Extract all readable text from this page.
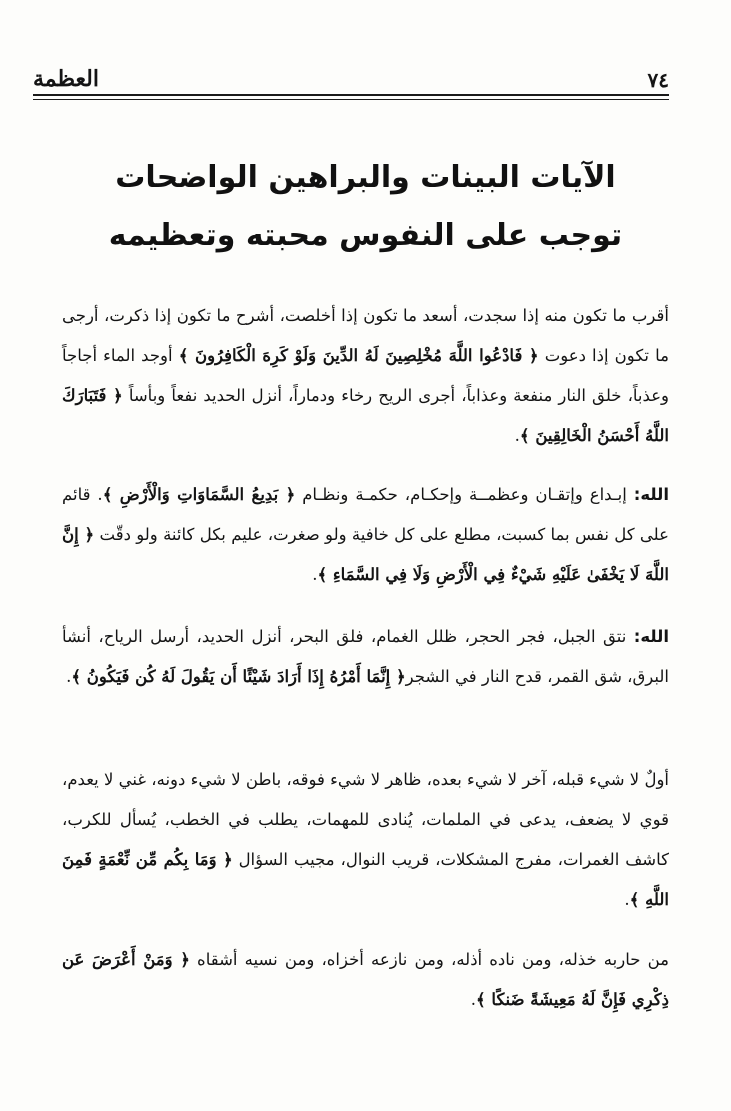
٧٤
العظمة
الآيات البينات والبراهين الواضحات
توجب على النفوس محبته وتعظيمه

أقرب ما تكون منه إذا سجدت، أسعد ما تكون إذا أخلصت، أشرح ما تكون إذا ذكرت، أرجى ما تكون إذا دعوت ﴿ فَادْعُوا اللَّهَ مُخْلِصِينَ لَهُ الدِّينَ وَلَوْ كَرِهَ الْكَافِرُونَ ﴾ أوجد الماء أجاجاً وعذباً، خلق النار منفعة وعذاباً، أجرى الريح رخاء ودماراً، أنزل الحديد نفعاً وبأساً ﴿ فَتَبَارَكَ اللَّهُ أَحْسَنُ الْخَالِقِينَ ﴾.

الله: إبـداع وإتقـان وعظمــة وإحكـام، حكمـة ونظـام ﴿ بَدِيعُ السَّمَاوَاتِ وَالْأَرْضِ ﴾. قائم على كل نفس بما كسبت، مطلع على كل خافية ولو صغرت، عليم بكل كائنة ولو دقّت ﴿ إِنَّ اللَّهَ لَا يَخْفَىٰ عَلَيْهِ شَيْءٌ فِي الْأَرْضِ وَلَا فِي السَّمَاءِ ﴾.

الله: نتق الجبل، فجر الحجر، ظلل الغمام، فلق البحر، أنزل الحديد، أرسل الرياح، أنشأ البرق، شق القمر، قدح النار في الشجر﴿ إِنَّمَا أَمْرُهُ إِذَا أَرَادَ شَيْئًا أَن يَقُولَ لَهُ كُن فَيَكُونُ ﴾.

أولٌ لا شيء قبله، آخر لا شيء بعده، ظاهر لا شيء فوقه، باطن لا شيء دونه، غني لا يعدم، قوي لا يضعف، يدعى في الملمات، يُنادى للمهمات، يطلب في الخطب، يُسأل للكرب، كاشف الغمرات، مفرج المشكلات، قريب النوال، مجيب السؤال ﴿ وَمَا بِكُم مِّن نِّعْمَةٍ فَمِنَ اللَّهِ ﴾.

من حاربه خذله، ومن ناده أذله، ومن نازعه أخزاه، ومن نسيه أشقاه ﴿ وَمَنْ أَعْرَضَ عَن ذِكْرِي فَإِنَّ لَهُ مَعِيشَةً ضَنكًا ﴾.
